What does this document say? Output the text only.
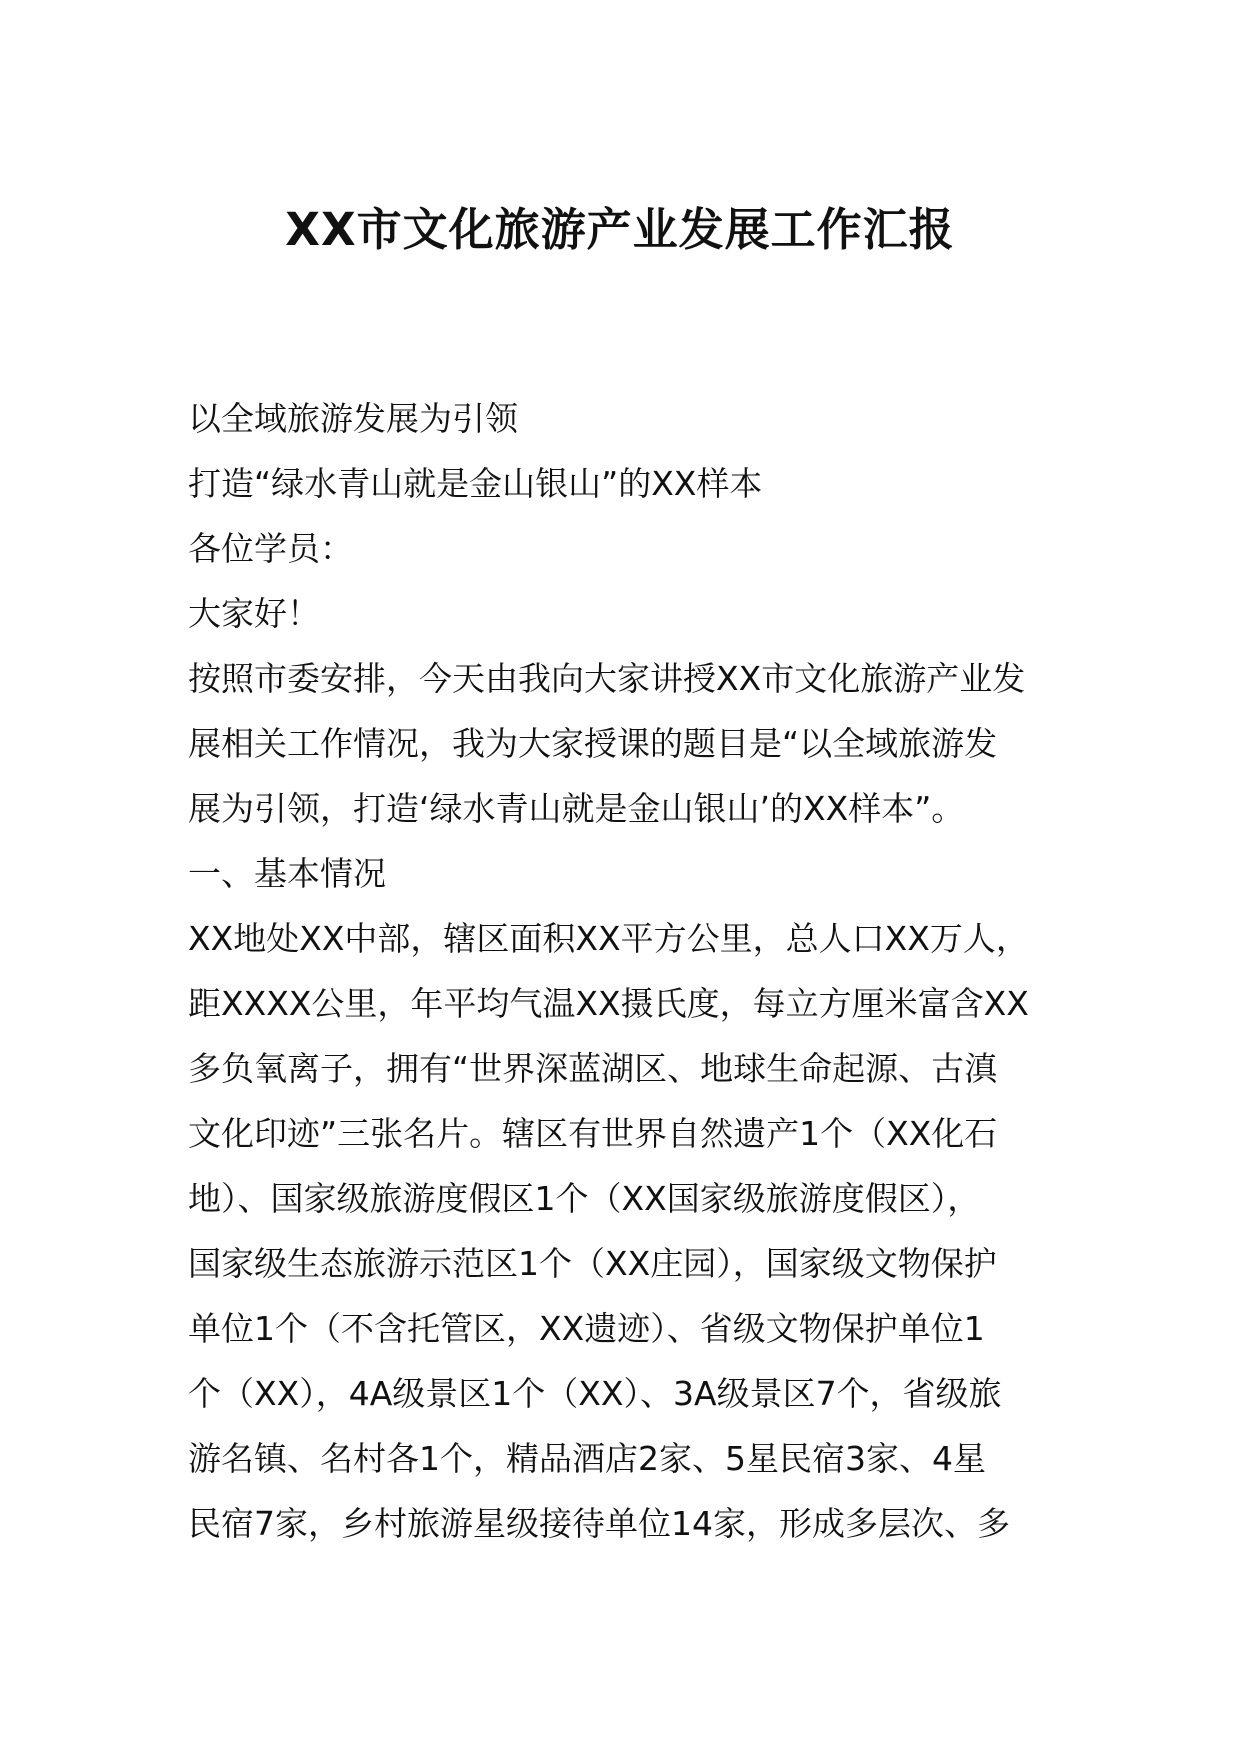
XX市文化旅游产业发展工作汇报

以全域旅游发展为引领

打造“绿水青山就是金山银山”的XX样本

各位学员：

大家好！

按照市委安排，今天由我向大家讲授XX市文化旅游产业发

展相关工作情况，我为大家授课的题目是“以全域旅游发

展为引领，打造‘绿水青山就是金山银山’的XX样本”。

一、基本情况

XX地处XX中部，辖区面积XX平方公里，总人口XX万人，

距XXXX公里，年平均气温XX摄氏度，每立方厘米富含XX

多负氧离子，拥有“世界深蓝湖区、地球生命起源、古滇

文化印迹”三张名片。辖区有世界自然遗产1个（XX化石

地）、国家级旅游度假区1个（XX国家级旅游度假区），

国家级生态旅游示范区1个（XX庄园），国家级文物保护

单位1个（不含托管区，XX遗迹）、省级文物保护单位1

个（XX），4A级景区1个（XX）、3A级景区7个，省级旅

游名镇、名村各1个，精品酒店2家、5星民宿3家、4星

民宿7家，乡村旅游星级接待单位14家，形成多层次、多
